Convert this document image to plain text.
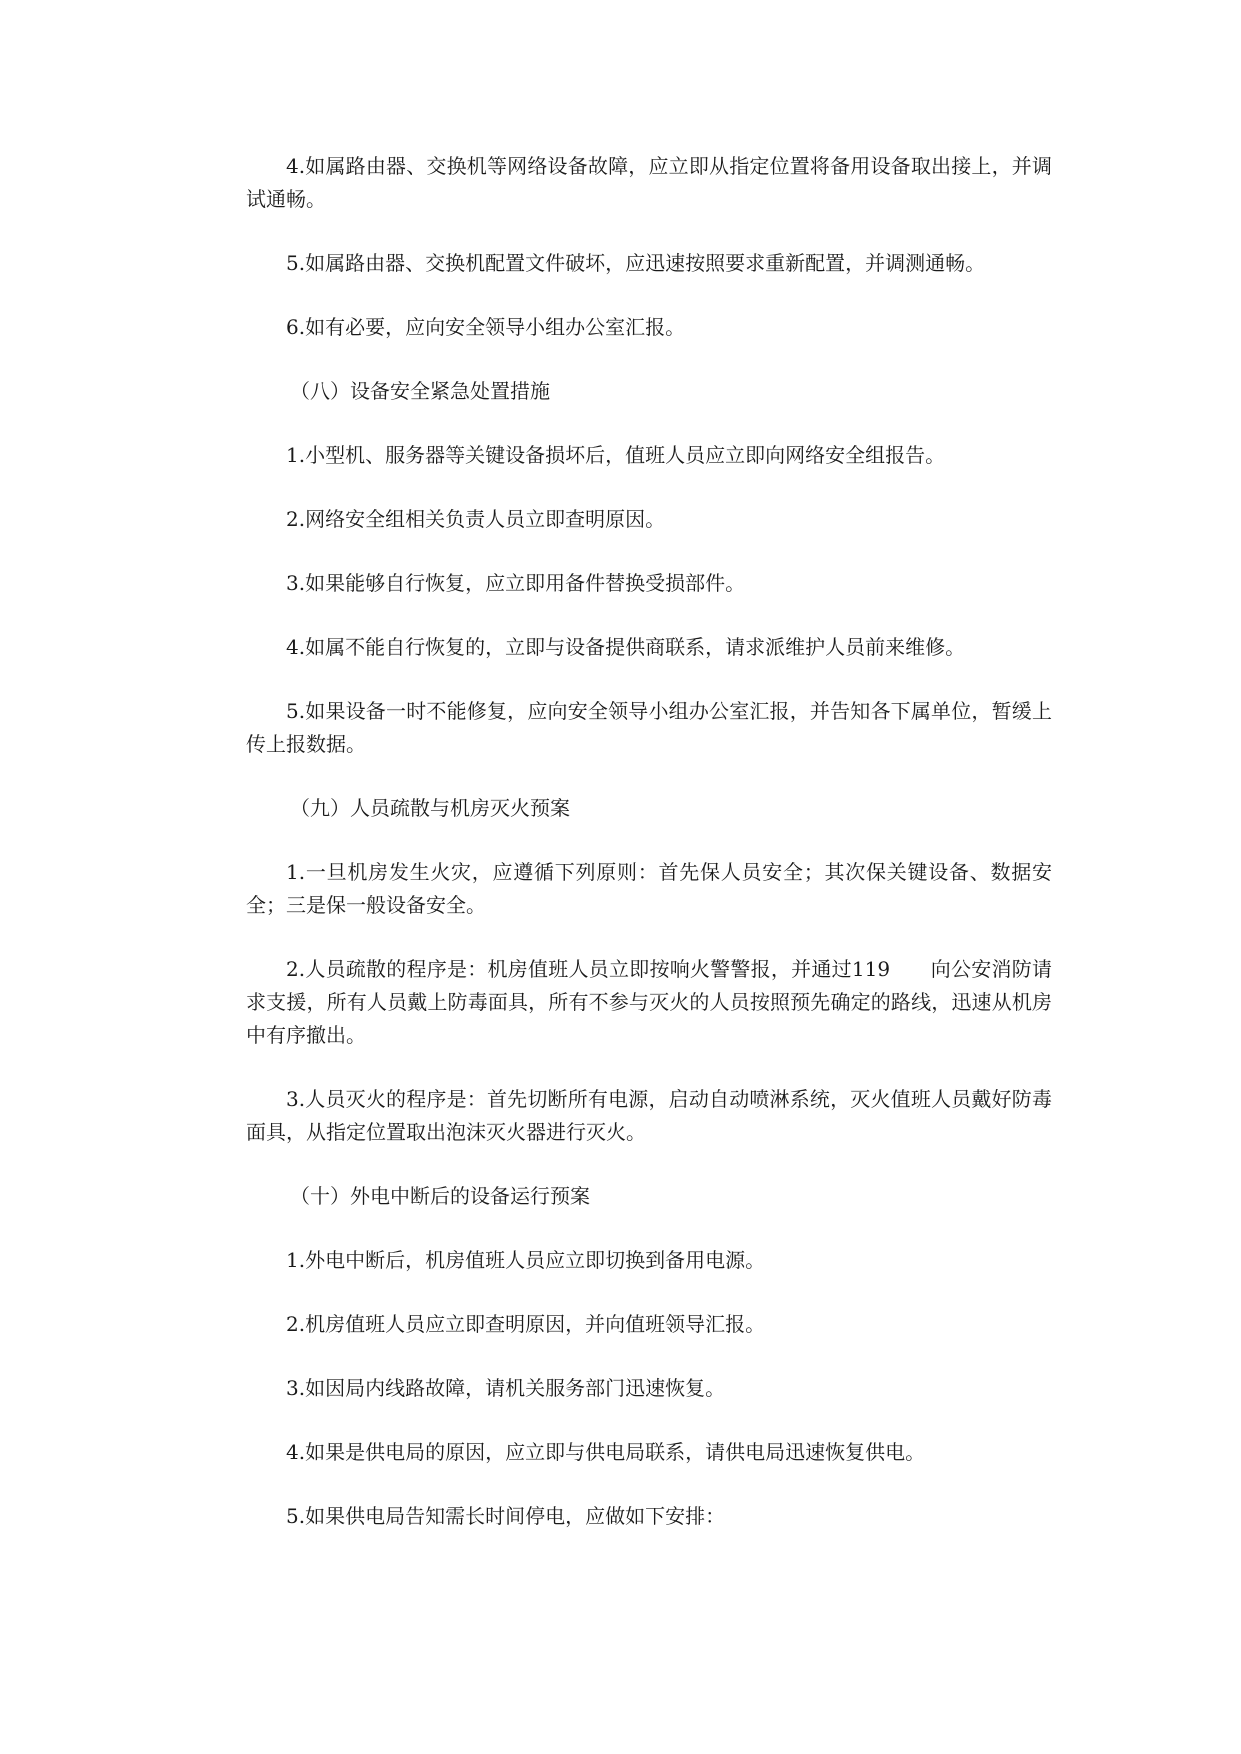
4.如属路由器、交换机等网络设备故障，应立即从指定位置将备用设备取出接上，并调试通畅。

5.如属路由器、交换机配置文件破坏，应迅速按照要求重新配置，并调测通畅。

6.如有必要，应向安全领导小组办公室汇报。

（八）设备安全紧急处置措施

1.小型机、服务器等关键设备损坏后，值班人员应立即向网络安全组报告。

2.网络安全组相关负责人员立即查明原因。

3.如果能够自行恢复，应立即用备件替换受损部件。

4.如属不能自行恢复的，立即与设备提供商联系，请求派维护人员前来维修。

5.如果设备一时不能修复，应向安全领导小组办公室汇报，并告知各下属单位，暂缓上传上报数据。

（九）人员疏散与机房灭火预案

1.一旦机房发生火灾，应遵循下列原则：首先保人员安全；其次保关键设备、数据安全；三是保一般设备安全。

2.人员疏散的程序是：机房值班人员立即按响火警警报，并通过119　　向公安消防请求支援，所有人员戴上防毒面具，所有不参与灭火的人员按照预先确定的路线，迅速从机房中有序撤出。

3.人员灭火的程序是：首先切断所有电源，启动自动喷淋系统，灭火值班人员戴好防毒面具，从指定位置取出泡沫灭火器进行灭火。

（十）外电中断后的设备运行预案

1.外电中断后，机房值班人员应立即切换到备用电源。

2.机房值班人员应立即查明原因，并向值班领导汇报。

3.如因局内线路故障，请机关服务部门迅速恢复。

4.如果是供电局的原因，应立即与供电局联系，请供电局迅速恢复供电。

5.如果供电局告知需长时间停电，应做如下安排：
